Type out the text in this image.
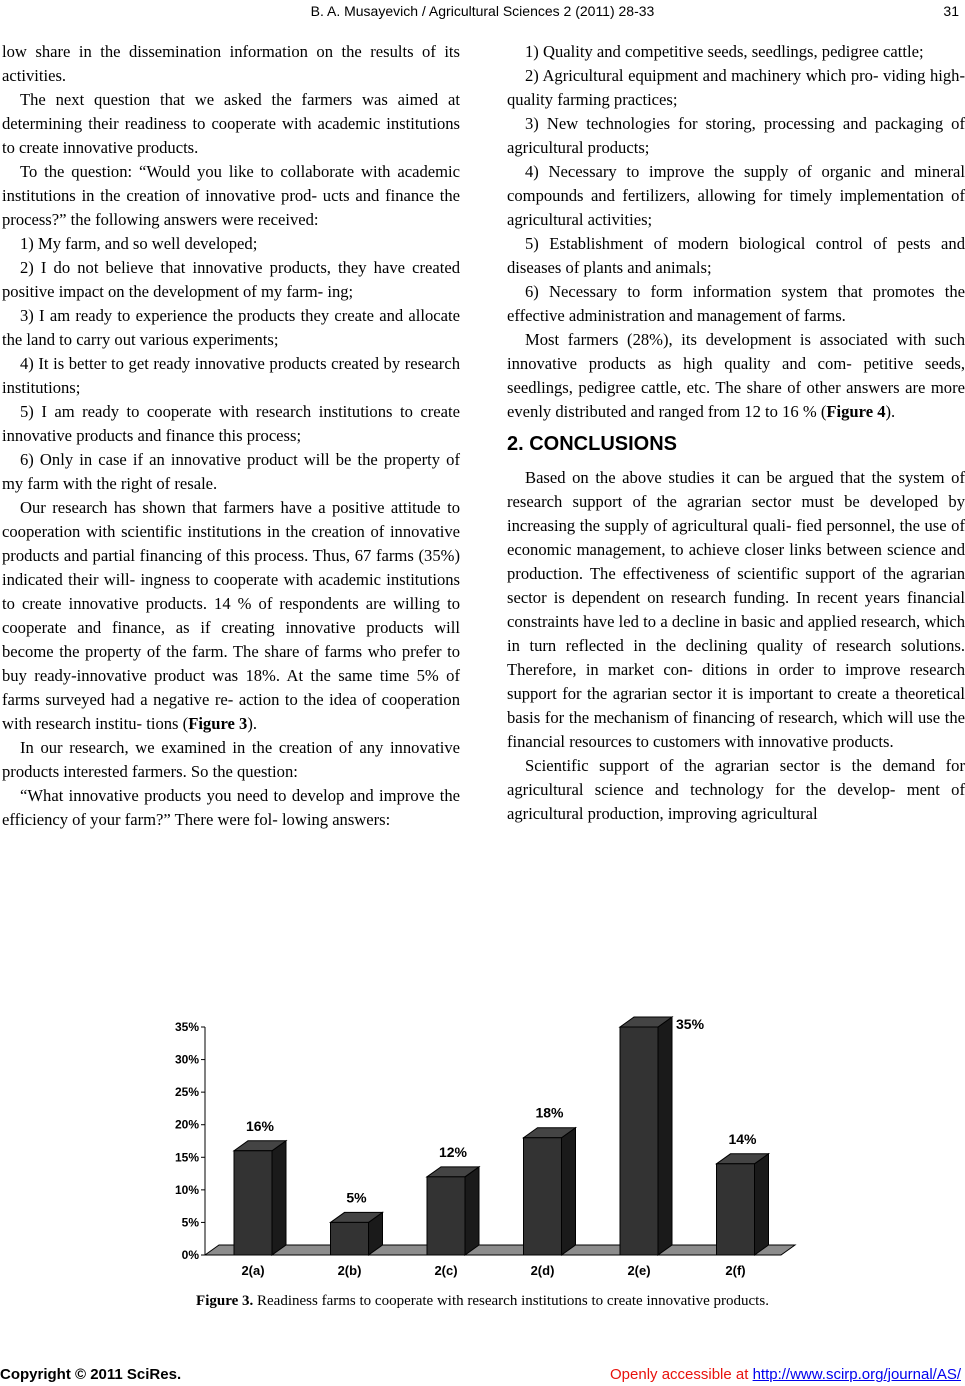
B. A. Musayevich / Agricultural Sciences 2 (2011) 28-33	31

low share in the dissemination information on the results of its activities.

The next question that we asked the farmers was aimed at determining their readiness to cooperate with academic institutions to create innovative products.

To the question: “Would you like to collaborate with academic institutions in the creation of innovative prod- ucts and finance the process?” the following answers were received:

1) My farm, and so well developed;

2) I do not believe that innovative products, they have created positive impact on the development of my farm- ing;

3) I am ready to experience the products they create and allocate the land to carry out various experiments;

4) It is better to get ready innovative products created by research institutions;

5) I am ready to cooperate with research institutions to create innovative products and finance this process;

6) Only in case if an innovative product will be the property of my farm with the right of resale.

Our research has shown that farmers have a positive attitude to cooperation with scientific institutions in the creation of innovative products and partial financing of this process. Thus, 67 farms (35%) indicated their will- ingness to cooperate with academic institutions to create innovative products. 14 % of respondents are willing to cooperate and finance, as if creating innovative products will become the property of the farm. The share of farms who prefer to buy ready-innovative product was 18%. At the same time 5% of farms surveyed had a negative re- action to the idea of cooperation with research institu- tions (Figure 3).

In our research, we examined in the creation of any innovative products interested farmers. So the question:

“What innovative products you need to develop and improve the efficiency of your farm?” There were fol- lowing answers:

1) Quality and competitive seeds, seedlings, pedigree cattle;

2) Agricultural equipment and machinery which pro- viding high-quality farming practices;

3) New technologies for storing, processing and packaging of agricultural products;

4) Necessary to improve the supply of organic and mineral compounds and fertilizers, allowing for timely implementation of agricultural activities;

5) Establishment of modern biological control of pests and diseases of plants and animals;

6) Necessary to form information system that promotes the effective administration and management of farms.

Most farmers (28%), its development is associated with such innovative products as high quality and com- petitive seeds, seedlings, pedigree cattle, etc. The share of other answers are more evenly distributed and ranged from 12 to 16 % (Figure 4).

2. CONCLUSIONS

Based on the above studies it can be argued that the system of research support of the agrarian sector must be developed by increasing the supply of agricultural quali- fied personnel, the use of economic management, to achieve closer links between science and production. The effectiveness of scientific support of the agrarian sector is dependent on research funding. In recent years financial constraints have led to a decline in basic and applied research, which in turn reflected in the declining quality of research solutions. Therefore, in market con- ditions in order to improve research support for the agrarian sector it is important to create a theoretical basis for the mechanism of financing of research, which will use the financial resources to customers with innovative products.

Scientific support of the agrarian sector is the demand for agricultural science and technology for the develop- ment of agricultural production, improving agricultural

0%
5%
10%
15%
20%
25%
30%
35%
16%
2(a)
5%
2(b)
12%
2(c)
18%
2(d)
35%
2(e)
14%
2(f)
Figure 3. Readiness farms to cooperate with research institutions to create innovative products.
Copyright © 2011 SciRes.	Openly accessible at http://www.scirp.org/journal/AS/
